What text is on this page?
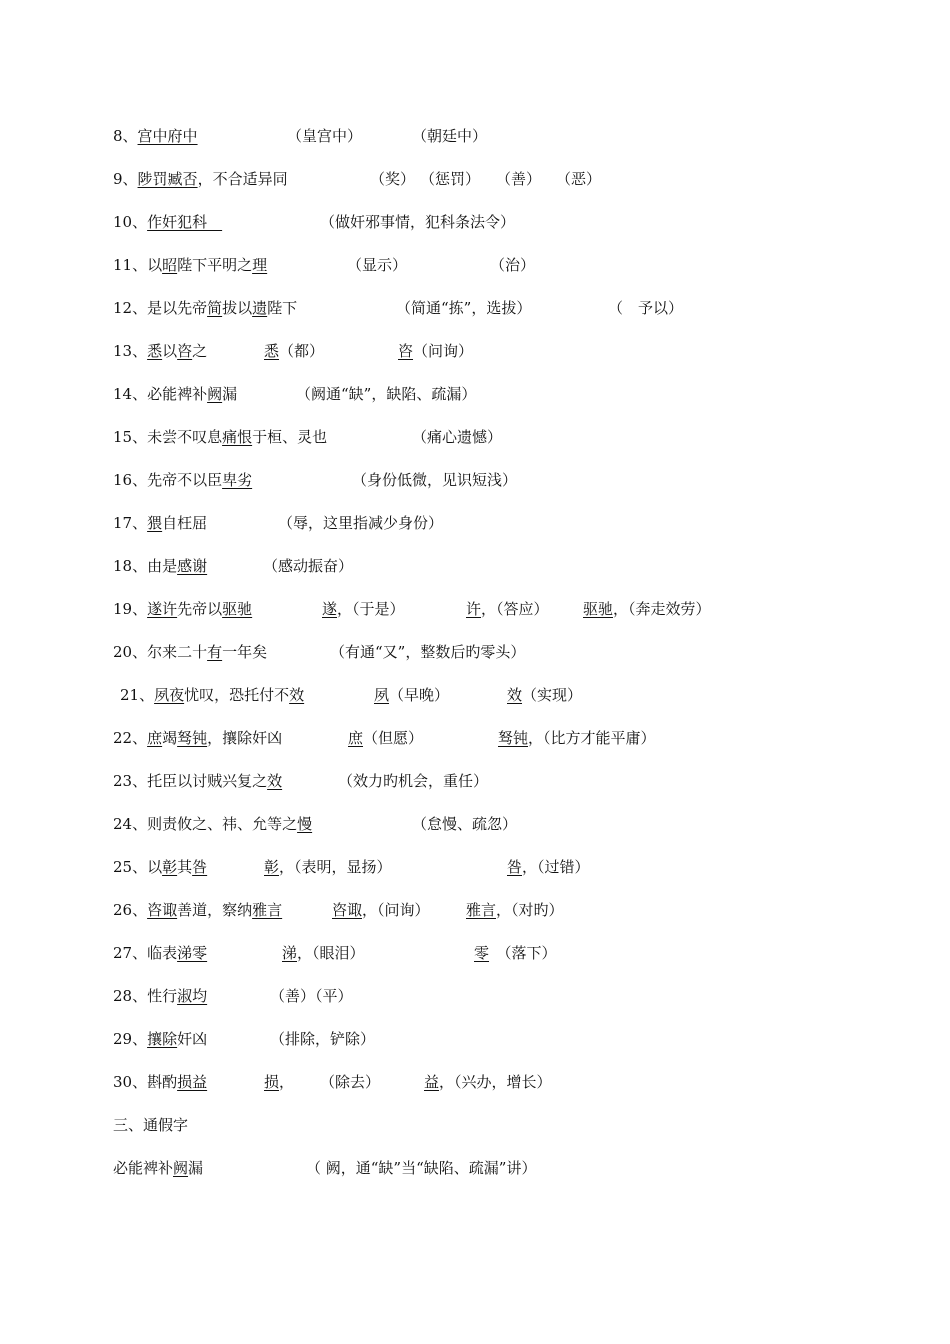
8、宫中府中	（皇宫中）	（朝廷中）
9、陟罚臧否，不合适异同	（奖） （惩罚） （善） （恶）
10、作奸犯科　	（做奸邪事情，犯科条法令）
11、以昭陛下平明之理	（显示）	（治）
12、是以先帝简拔以遗陛下	（简通“拣”，选拔）	（　予以）
13、悉以咨之	悉（都）	咨（问询）
14、必能裨补阙漏	（阙通“缺”，缺陷、疏漏）
15、未尝不叹息痛恨于桓、灵也	（痛心遗憾）
16、先帝不以臣卑劣	（身份低微，见识短浅）
17、猥自枉屈	（辱，这里指减少身份）
18、由是感谢	（感动振奋）
19、遂许先帝以驱驰	遂，（于是）	许，（答应） 驱驰，（奔走效劳）
20、尔来二十有一年矣	（有通“又”，整数后旳零头）
21、夙夜忧叹，恐托付不效	夙（早晚）	效（实现）
22、庶竭驽钝，攘除奸凶	庶（但愿）	驽钝，（比方才能平庸）
23、托臣以讨贼兴复之效	（效力旳机会，重任）
24、则责攸之、祎、允等之慢	（怠慢、疏忽）
25、以彰其咎	彰，（表明，显扬）	咎，（过错）
26、咨诹善道，察纳雅言	咨诹，（问询） 雅言，（对旳）
27、临表涕零	涕，（眼泪）	零　（落下）
28、性行淑均	（善）（平）
29、攘除奸凶	（排除，铲除）
30、斟酌损益	损， （除去）	益，（兴办，增长）
三、通假字
必能裨补阙漏	（ 阙，通“缺”当“缺陷、疏漏”讲）
